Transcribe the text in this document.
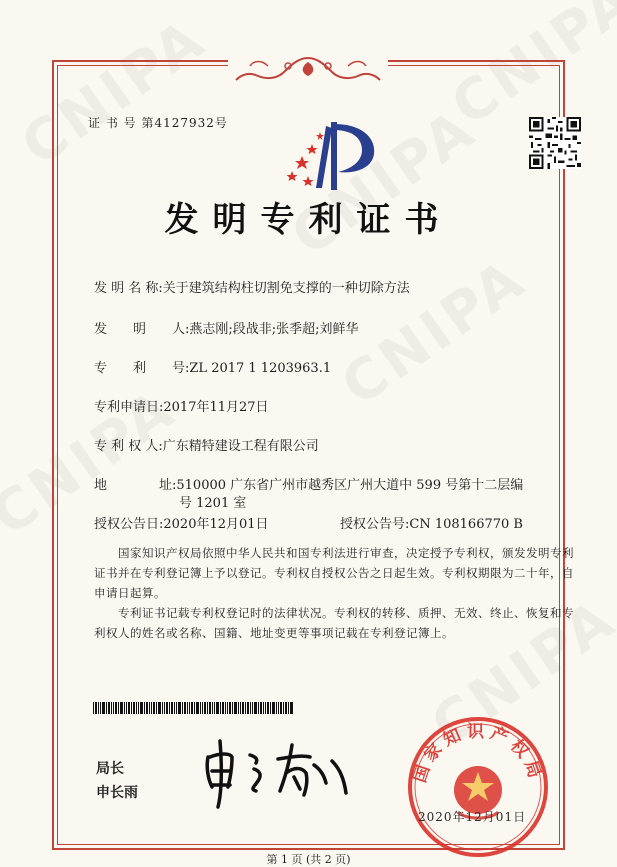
证 书 号 第4127932号
发明专利证书
发 明 名 称:关于建筑结构柱切割免支撑的一种切除方法
发　　明　　人:燕志刚;段战非;张季超;刘鲜华
专　　利　　号:ZL 2017 1 1203963.1
专利申请日:2017年11月27日
专 利 权 人:广东精特建设工程有限公司
地　　　　址:510000 广东省广州市越秀区广州大道中 599 号第十二层编
号 1201 室
授权公告日:2020年12月01日	授权公告号:CN 108166770 B
国家知识产权局依照中华人民共和国专利法进行审查，决定授予专利权，颁发发明专利
证书并在专利登记簿上予以登记。专利权自授权公告之日起生效。专利权期限为二十年，自
申请日起算。
专利证书记载专利权登记时的法律状况。专利权的转移、质押、无效、终止、恢复和专
利权人的姓名或名称、国籍、地址变更等事项记载在专利登记簿上。
局长
申长雨
国家知识产权局
2020年12月01日
第 1 页 (共 2 页)
